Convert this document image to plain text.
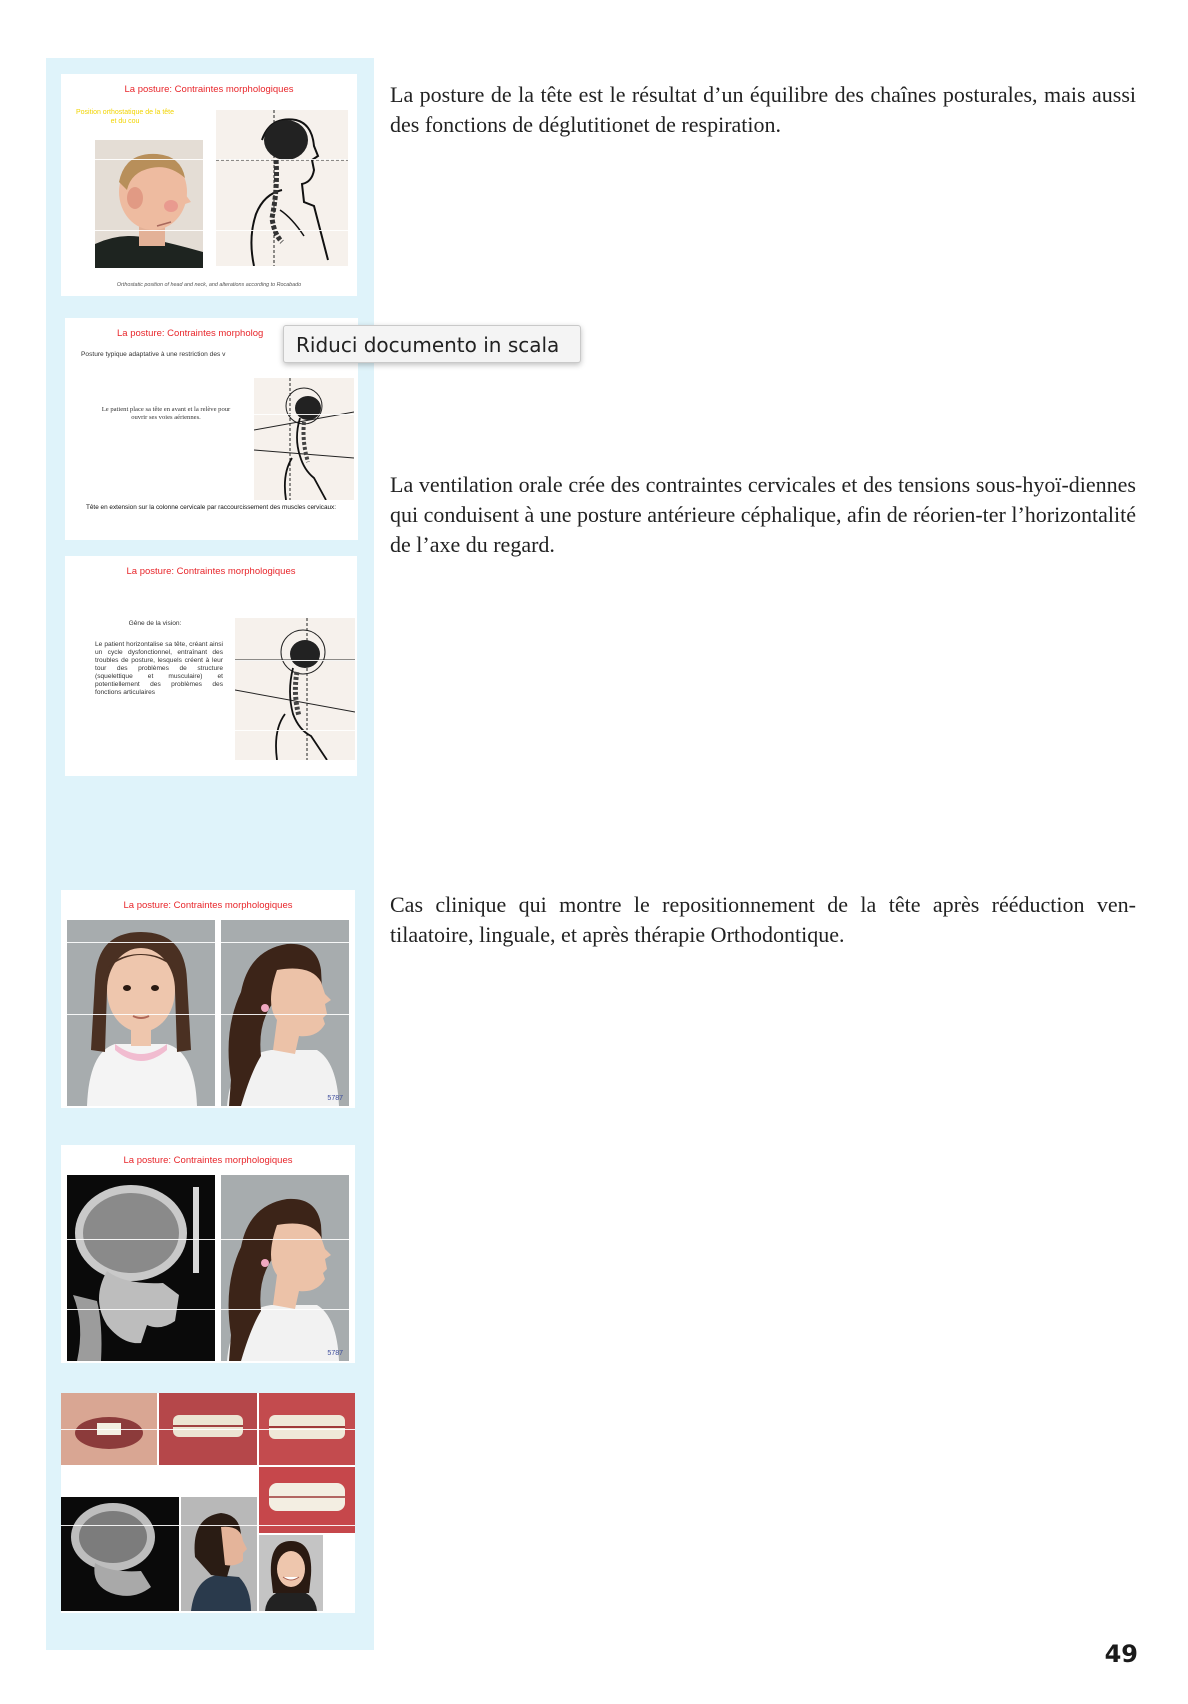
La posture: Contraintes morphologiques
Position orthostatique de la tête et du cou
Orthostatic position of head and neck, and alterations according to Rocabado
La posture: Contraintes morpholog
Posture typique adaptative à une restriction des v
Le patient place sa tête en avant et la relève pour ouvrir ses voies aériennes.
Tête en extension sur la colonne cervicale par raccourcissement des muscles cervicaux:
Riduci documento in scala
La posture: Contraintes morphologiques
Gêne de la vision:
Le patient horizontalise sa tête, créant ainsi un cycle dysfonctionnel, entraînant des troubles de posture, lesquels créent à leur tour des problèmes de structure (squelettique et musculaire) et potentiellement des problèmes des fonctions articulaires
La posture: Contraintes morphologiques
5787
La posture: Contraintes morphologiques
5787
La posture de la tête est le résultat d’un équilibre des chaînes posturales, mais aussi des fonctions de déglutitionet de respiration.
La ventilation orale crée des contraintes cervicales et des tensions sous-hyoï-diennes qui conduisent à une posture antérieure céphalique, afin de réorien-ter l’horizontalité de l’axe du regard.
Cas clinique qui montre le repositionnement de la tête après rééduction ven-tilaatoire, linguale, et après thérapie Orthodontique.
49
